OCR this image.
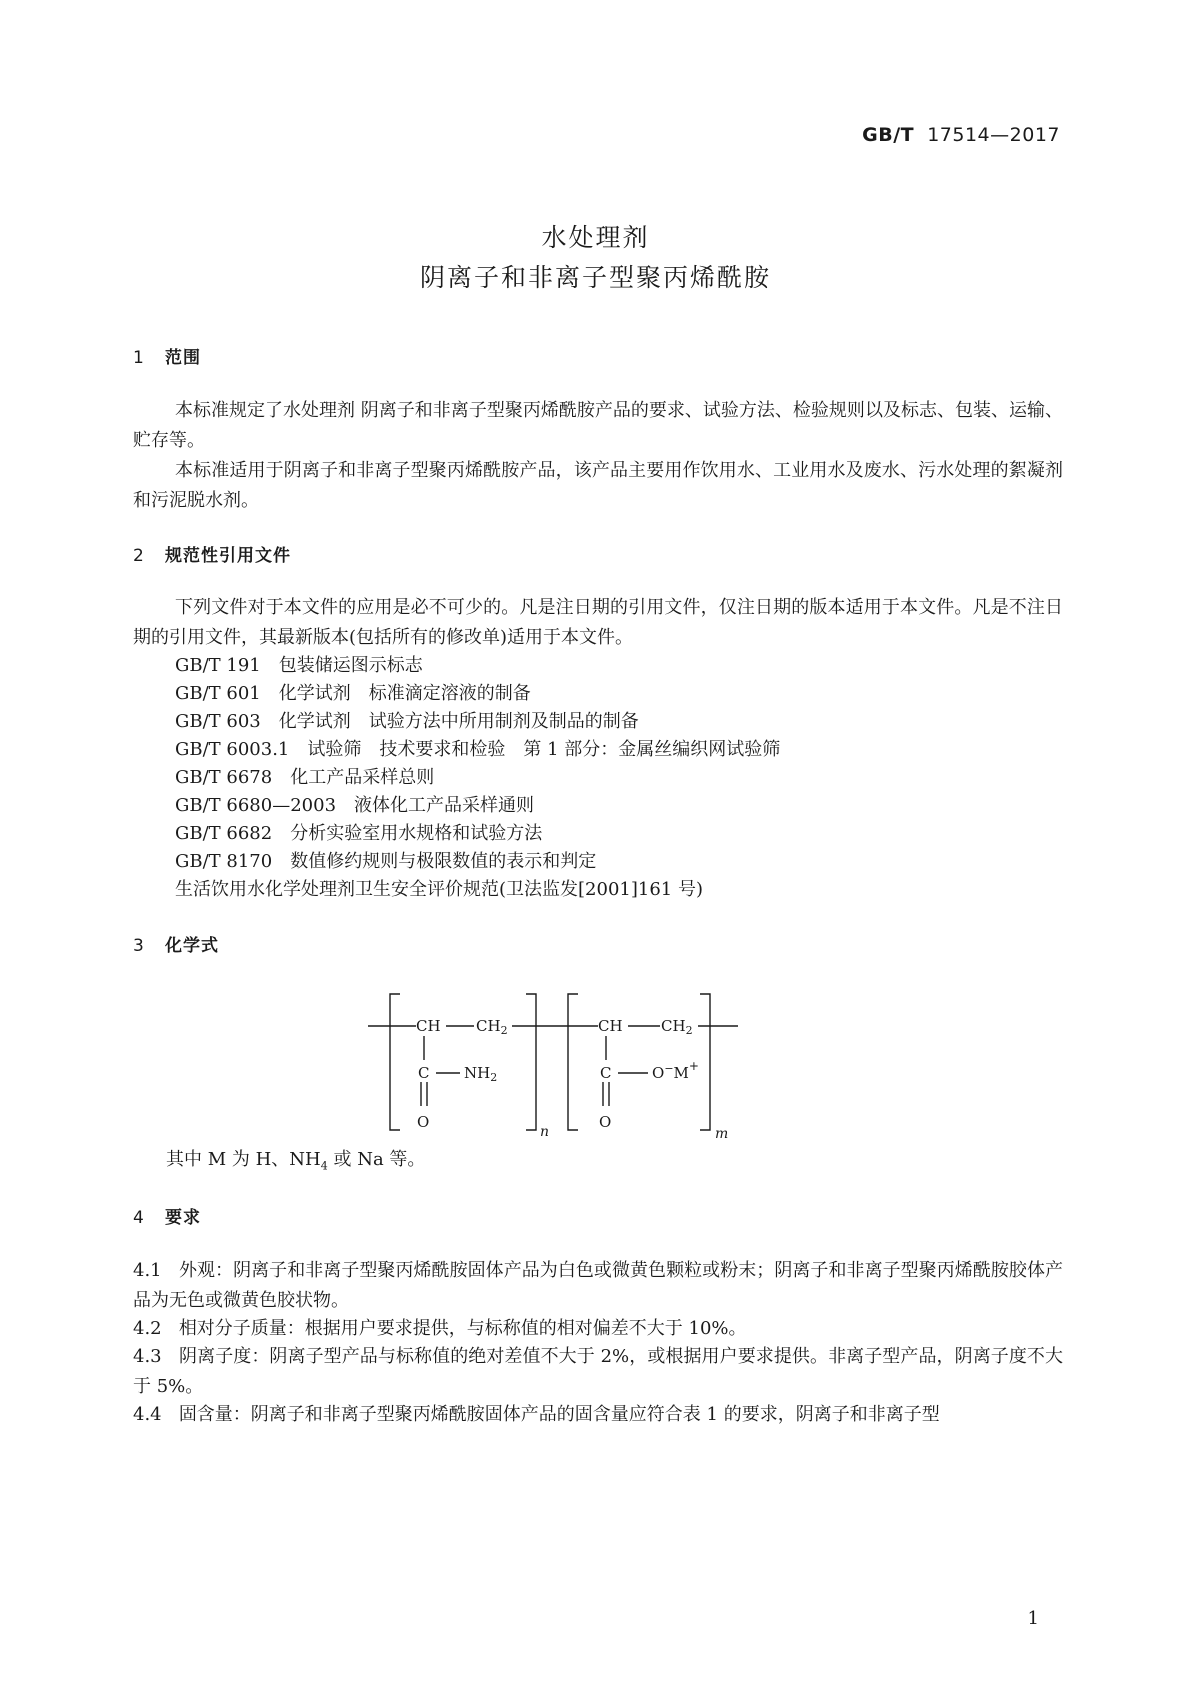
GB/T 17514—2017
水处理剂
阴离子和非离子型聚丙烯酰胺
1 范围
本标准规定了水处理剂 阴离子和非离子型聚丙烯酰胺产品的要求、试验方法、检验规则以及标志、包装、运输、贮存等。
本标准适用于阴离子和非离子型聚丙烯酰胺产品，该产品主要用作饮用水、工业用水及废水、污水处理的絮凝剂和污泥脱水剂。
2 规范性引用文件
下列文件对于本文件的应用是必不可少的。凡是注日期的引用文件，仅注日期的版本适用于本文件。凡是不注日期的引用文件，其最新版本(包括所有的修改单)适用于本文件。
GB/T 191　包装储运图示标志
GB/T 601　化学试剂　标准滴定溶液的制备
GB/T 603　化学试剂　试验方法中所用制剂及制品的制备
GB/T 6003.1　试验筛　技术要求和检验　第 1 部分：金属丝编织网试验筛
GB/T 6678　化工产品采样总则
GB/T 6680—2003　液体化工产品采样通则
GB/T 6682　分析实验室用水规格和试验方法
GB/T 8170　数值修约规则与极限数值的表示和判定
生活饮用水化学处理剂卫生安全评价规范(卫法监发[2001]161 号)
3 化学式
CH $CH_2$
C $NH_2$
O
CH	$CH_2$
C	O−M+
O
n	m
其中 M 为 H、$NH_4$ 或 Na 等。
4 要求
4.1 外观：阴离子和非离子型聚丙烯酰胺固体产品为白色或微黄色颗粒或粉末；阴离子和非离子型聚丙烯酰胺胶体产品为无色或微黄色胶状物。
4.2 相对分子质量：根据用户要求提供，与标称值的相对偏差不大于 10%。
4.3 阴离子度：阴离子型产品与标称值的绝对差值不大于 2%，或根据用户要求提供。非离子型产品，阴离子度不大于 5%。
4.4 固含量：阴离子和非离子型聚丙烯酰胺固体产品的固含量应符合表 1 的要求，阴离子和非离子型
1
